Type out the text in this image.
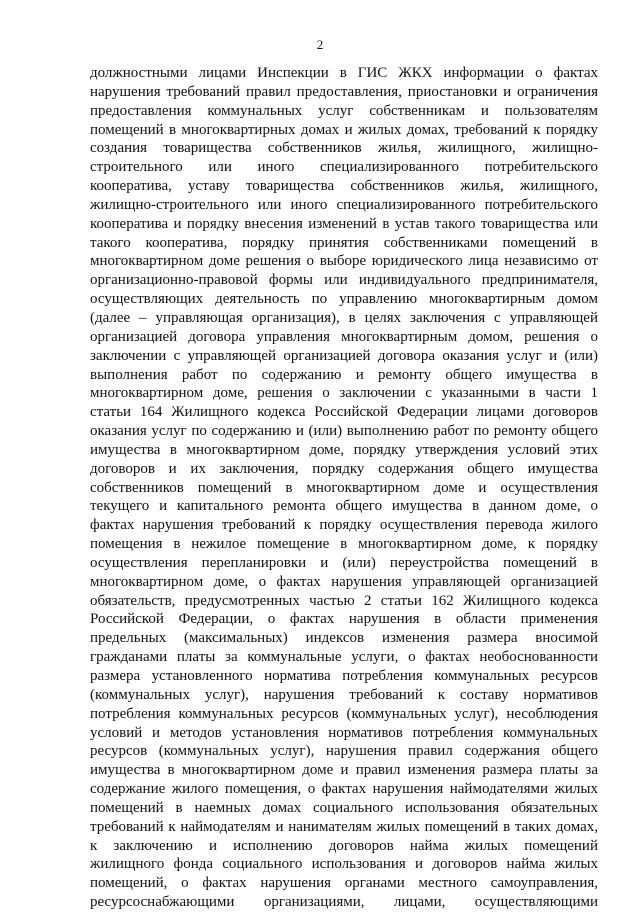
2
должностными лицами Инспекции в ГИС ЖКХ информации о фактах
нарушения требований правил предоставления, приостановки и ограничения
предоставления коммунальных услуг собственникам и пользователям
помещений в многоквартирных домах и жилых домах, требований к порядку
создания товарищества собственников жилья, жилищного, жилищно-
строительного или иного специализированного потребительского
кооператива, уставу товарищества собственников жилья, жилищного,
жилищно-строительного или иного специализированного потребительского
кооператива и порядку внесения изменений в устав такого товарищества или
такого кооператива, порядку принятия собственниками помещений в
многоквартирном доме решения о выборе юридического лица независимо от
организационно-правовой формы или индивидуального предпринимателя,
осуществляющих деятельность по управлению многоквартирным домом
(далее – управляющая организация), в целях заключения с управляющей
организацией договора управления многоквартирным домом, решения о
заключении с управляющей организацией договора оказания услуг и (или)
выполнения работ по содержанию и ремонту общего имущества в
многоквартирном доме, решения о заключении с указанными в части 1
статьи 164 Жилищного кодекса Российской Федерации лицами договоров
оказания услуг по содержанию и (или) выполнению работ по ремонту общего
имущества в многоквартирном доме, порядку утверждения условий этих
договоров и их заключения, порядку содержания общего имущества
собственников помещений в многоквартирном доме и осуществления
текущего и капитального ремонта общего имущества в данном доме, о
фактах нарушения требований к порядку осуществления перевода жилого
помещения в нежилое помещение в многоквартирном доме, к порядку
осуществления перепланировки и (или) переустройства помещений в
многоквартирном доме, о фактах нарушения управляющей организацией
обязательств, предусмотренных частью 2 статьи 162 Жилищного кодекса
Российской Федерации, о фактах нарушения в области применения
предельных (максимальных) индексов изменения размера вносимой
гражданами платы за коммунальные услуги, о фактах необоснованности
размера установленного норматива потребления коммунальных ресурсов
(коммунальных услуг), нарушения требований к составу нормативов
потребления коммунальных ресурсов (коммунальных услуг), несоблюдения
условий и методов установления нормативов потребления коммунальных
ресурсов (коммунальных услуг), нарушения правил содержания общего
имущества в многоквартирном доме и правил изменения размера платы за
содержание жилого помещения, о фактах нарушения наймодателями жилых
помещений в наемных домах социального использования обязательных
требований к наймодателям и нанимателям жилых помещений в таких домах,
к заключению и исполнению договоров найма жилых помещений
жилищного фонда социального использования и договоров найма жилых
помещений, о фактах нарушения органами местного самоуправления,
ресурсоснабжающими организациями, лицами, осуществляющими
